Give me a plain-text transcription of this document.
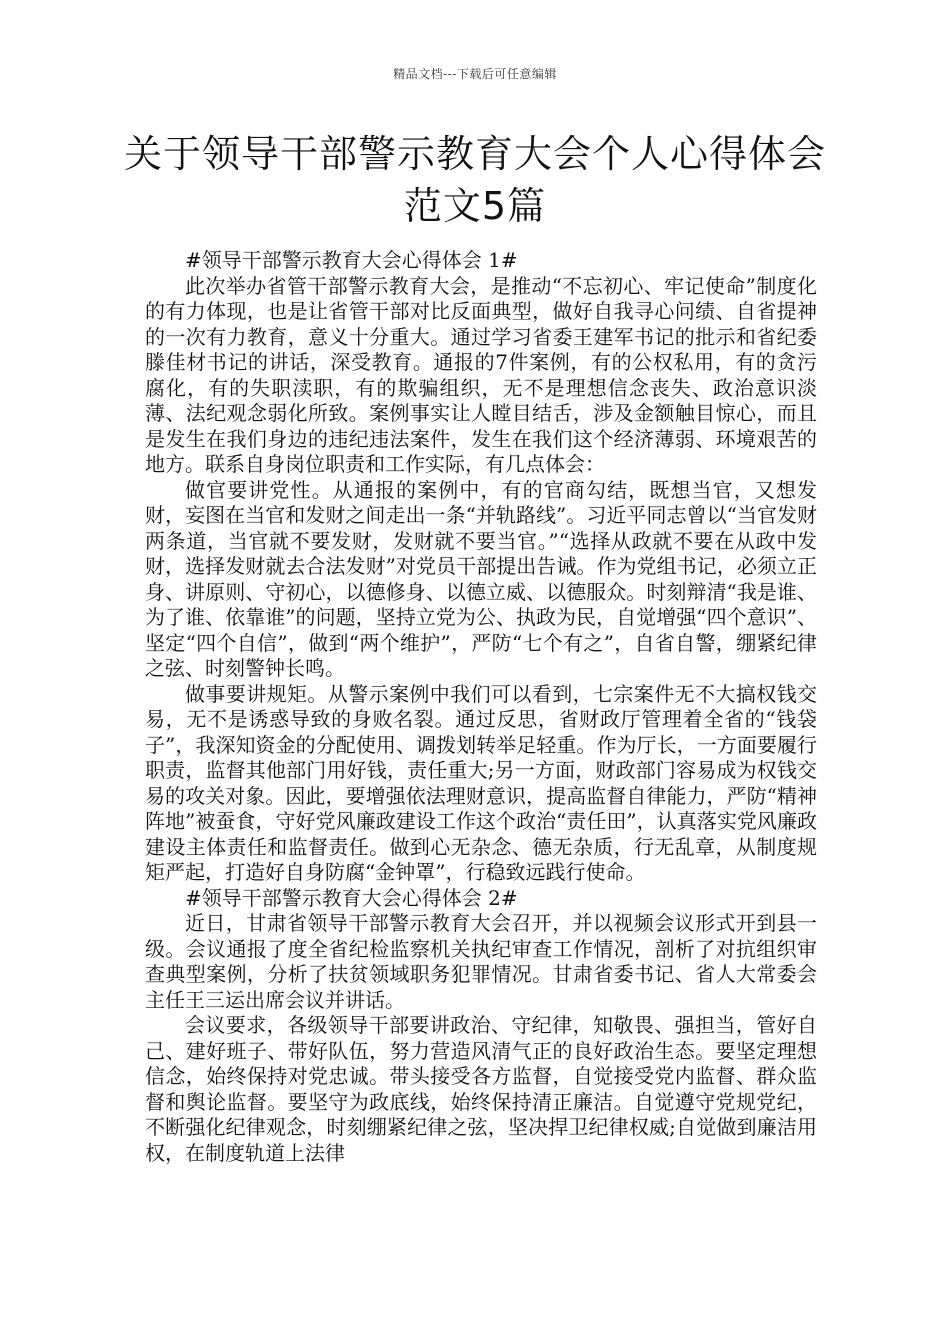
精品文档---下载后可任意编辑
关于领导干部警示教育大会个人心得体会范文5篇

#领导干部警示教育大会心得体会 1#

此次举办省管干部警示教育大会，是推动“不忘初心、牢记使命”制度化的有力体现，也是让省管干部对比反面典型，做好自我寻心问绩、自省提神的一次有力教育，意义十分重大。通过学习省委王建军书记的批示和省纪委滕佳材书记的讲话，深受教育。通报的7件案例，有的公权私用，有的贪污腐化，有的失职渎职，有的欺骗组织，无不是理想信念丧失、政治意识淡薄、法纪观念弱化所致。案例事实让人瞠目结舌，涉及金额触目惊心，而且是发生在我们身边的违纪违法案件，发生在我们这个经济薄弱、环境艰苦的地方。联系自身岗位职责和工作实际，有几点体会：

做官要讲党性。从通报的案例中，有的官商勾结，既想当官，又想发财，妄图在当官和发财之间走出一条“并轨路线”。习近平同志曾以“当官发财两条道，当官就不要发财，发财就不要当官。”“选择从政就不要在从政中发财，选择发财就去合法发财”对党员干部提出告诫。作为党组书记，必须立正身、讲原则、守初心，以德修身、以德立威、以德服众。时刻辩清“我是谁、为了谁、依靠谁”的问题，坚持立党为公、执政为民，自觉增强“四个意识”、坚定“四个自信”，做到“两个维护”，严防“七个有之”，自省自警，绷紧纪律之弦、时刻警钟长鸣。

做事要讲规矩。从警示案例中我们可以看到，七宗案件无不大搞权钱交易，无不是诱惑导致的身败名裂。通过反思，省财政厅管理着全省的“钱袋子”，我深知资金的分配使用、调拨划转举足轻重。作为厅长，一方面要履行职责，监督其他部门用好钱，责任重大;另一方面，财政部门容易成为权钱交易的攻关对象。因此，要增强依法理财意识，提高监督自律能力，严防“精神阵地”被蚕食，守好党风廉政建设工作这个政治“责任田”，认真落实党风廉政建设主体责任和监督责任。做到心无杂念、德无杂质，行无乱章，从制度规矩严起，打造好自身防腐“金钟罩”，行稳致远践行使命。

#领导干部警示教育大会心得体会 2#

近日，甘肃省领导干部警示教育大会召开，并以视频会议形式开到县一级。会议通报了度全省纪检监察机关执纪审查工作情况，剖析了对抗组织审查典型案例，分析了扶贫领域职务犯罪情况。甘肃省委书记、省人大常委会主任王三运出席会议并讲话。

会议要求，各级领导干部要讲政治、守纪律，知敬畏、强担当，管好自己、建好班子、带好队伍，努力营造风清气正的良好政治生态。要坚定理想信念，始终保持对党忠诚。带头接受各方监督，自觉接受党内监督、群众监督和舆论监督。要坚守为政底线，始终保持清正廉洁。自觉遵守党规党纪，不断强化纪律观念，时刻绷紧纪律之弦，坚决捍卫纪律权威;自觉做到廉洁用权，在制度轨道上法律
